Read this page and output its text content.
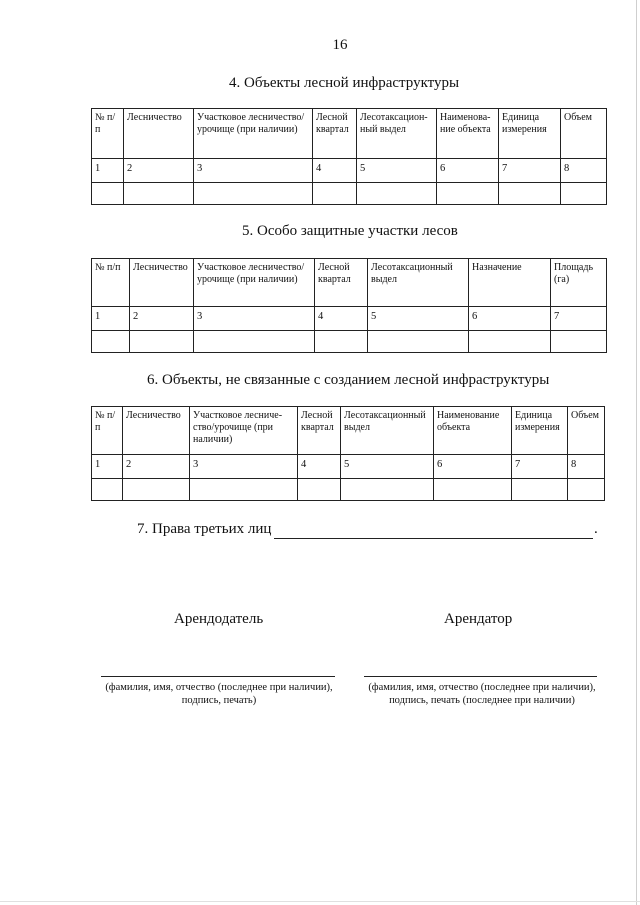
16
4. Объекты лесной инфраструктуры
№ п/п	Лесничество	Участковое лесничество/урочище (при наличии)	Лесной квартал	Лесотаксацион-ный выдел	Наименова-ние объекта	Единица измерения	Объем
1	2	3	4	5	6	7	8

5. Особо защитные участки лесов
№ п/п	Лесничество	Участковое лесничество/урочище (при наличии)	Лесной квартал	Лесотаксационный выдел	Назначение	Площадь (га)
1	2	3	4	5	6	7

6. Объекты, не связанные с созданием лесной инфраструктуры
№ п/п	Лесничество	Участковое лесниче-ство/урочище (при наличии)	Лесной квартал	Лесотаксационный выдел	Наименование объекта	Единица измерения	Объем
1	2	3	4	5	6	7	8

7. Права третьих лиц	.
Арендодатель	Арендатор
(фамилия, имя, отчество (последнее при наличии),
подпись, печать)
(фамилия, имя, отчество (последнее при наличии),
подпись, печать (последнее при наличии)
